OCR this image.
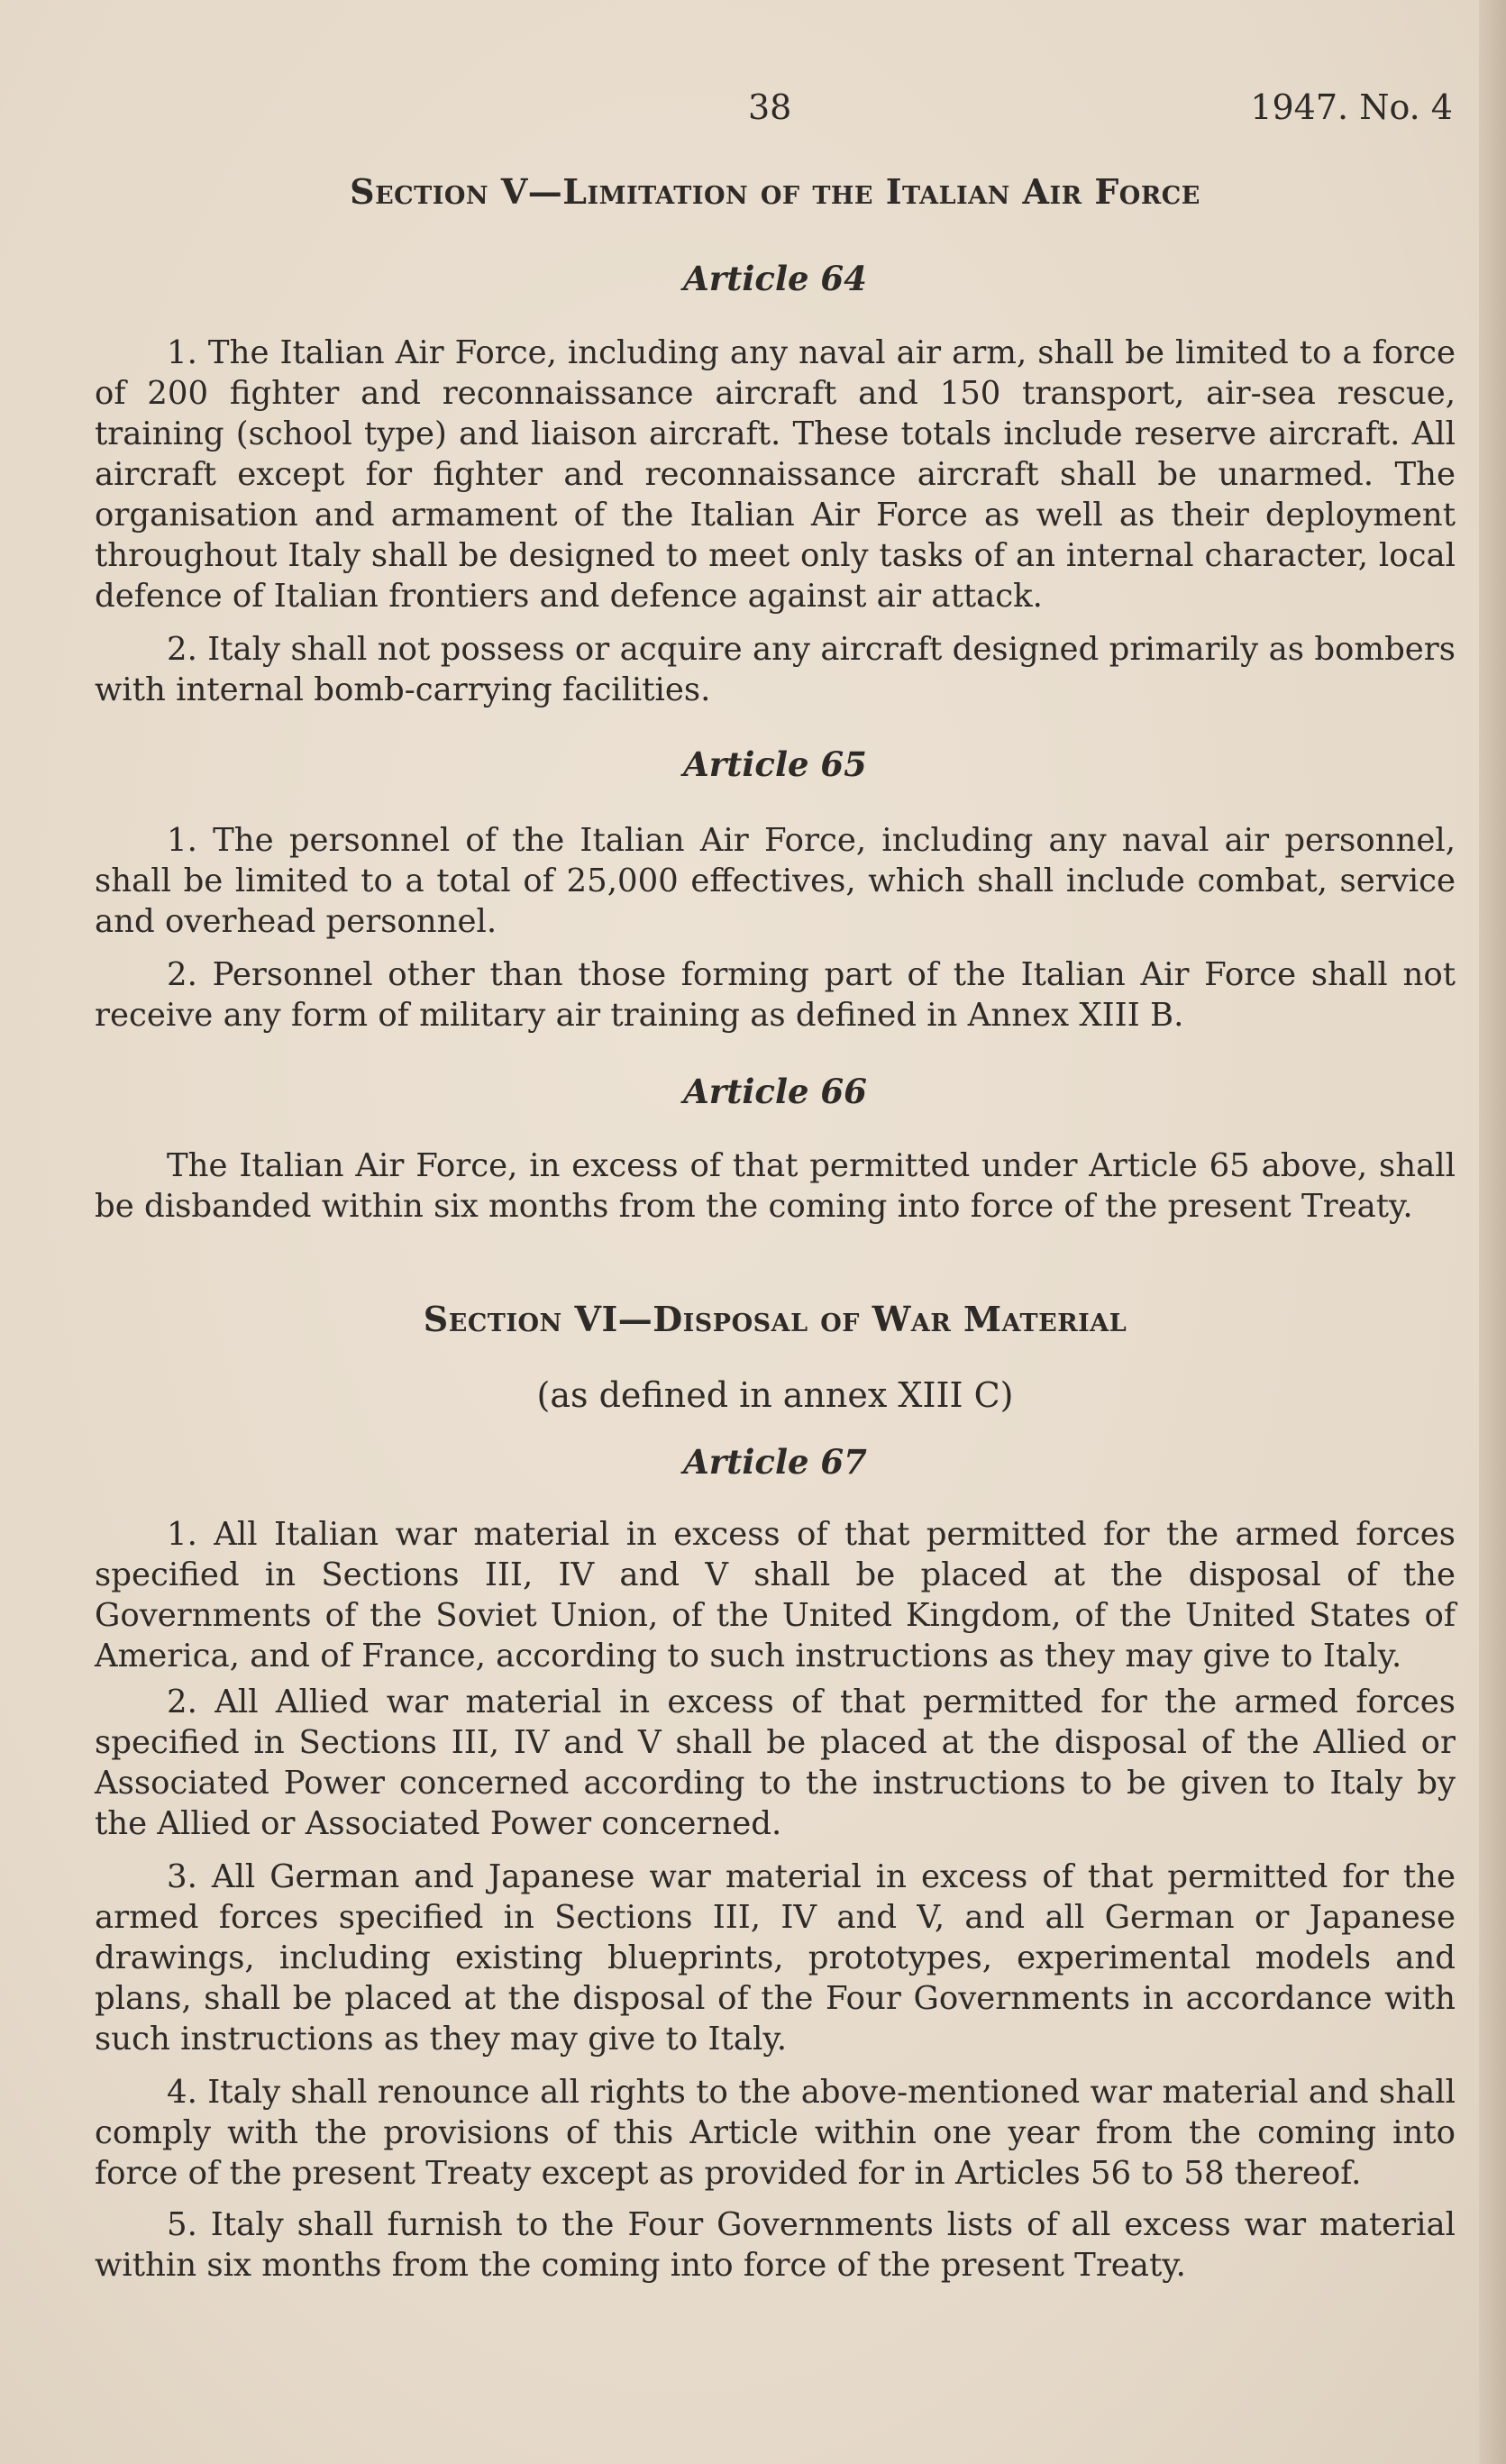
38	1947. No. 4
Section V—Limitation of the Italian Air Force
Article 64

1. The Italian Air Force, including any naval air arm, shall be limited to a force of 200 fighter and reconnaissance aircraft and 150 transport, air-sea rescue, training (school type) and liaison aircraft. These totals include reserve aircraft. All aircraft except for fighter and reconnaissance aircraft shall be unarmed. The organisation and armament of the Italian Air Force as well as their deployment throughout Italy shall be designed to meet only tasks of an internal character, local defence of Italian frontiers and defence against air attack.

2. Italy shall not possess or acquire any aircraft designed primarily as bombers with internal bomb-carrying facilities.

Article 65

1. The personnel of the Italian Air Force, including any naval air personnel, shall be limited to a total of 25,000 effectives, which shall include combat, service and overhead personnel.

2. Personnel other than those forming part of the Italian Air Force shall not receive any form of military air training as defined in Annex XIII B.

Article 66

The Italian Air Force, in excess of that permitted under Article 65 above, shall be disbanded within six months from the coming into force of the present Treaty.

Section VI—Disposal of War Material
(as defined in annex XIII C)
Article 67

1. All Italian war material in excess of that permitted for the armed forces specified in Sections III, IV and V shall be placed at the disposal of the Governments of the Soviet Union, of the United Kingdom, of the United States of America, and of France, according to such instructions as they may give to Italy.

2. All Allied war material in excess of that permitted for the armed forces specified in Sections III, IV and V shall be placed at the disposal of the Allied or Associated Power concerned according to the instructions to be given to Italy by the Allied or Associated Power concerned.

3. All German and Japanese war material in excess of that permitted for the armed forces specified in Sections III, IV and V, and all German or Japanese drawings, including existing blueprints, prototypes, experimental models and plans, shall be placed at the disposal of the Four Governments in accordance with such instructions as they may give to Italy.

4. Italy shall renounce all rights to the above-mentioned war material and shall comply with the provisions of this Article within one year from the coming into force of the present Treaty except as provided for in Articles 56 to 58 thereof.

5. Italy shall furnish to the Four Governments lists of all excess war material within six months from the coming into force of the present Treaty.
